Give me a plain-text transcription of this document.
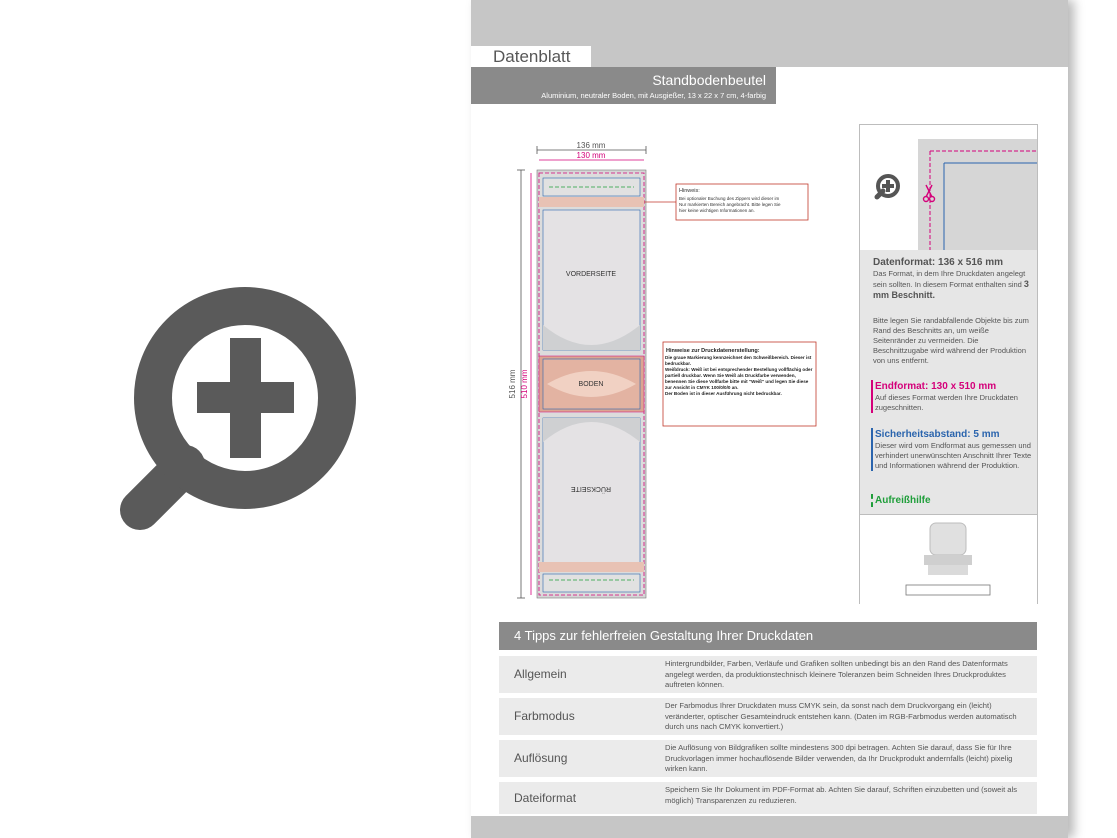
Datenblatt
Standbodenbeutel
Aluminium, neutraler Boden, mit Ausgießer, 13 x 22 x 7 cm, 4-farbig
136 mm
130 mm
516 mm 510 mm
VORDERSEITE
BODEN
RÜCKSEITE
Hinweis:
Bei optionaler Buchung des Zippers wird dieser im
Nur markierten Bereich angebracht. Bitte legen Sie
hier keine wichtigen Informationen an.
Hinweise zur Druckdatenerstellung:
Die graue Markierung kennzeichnet den Schweißbereich. Dieser ist bedruckbar.
Weißdruck: Weiß ist bei entsprechender Bestellung vollflächig oder partiell druckbar. Wenn Sie Weiß als Druckfarbe verwenden, benennen Sie diese Vollfarbe bitte mit "Weiß" und legen Sie diese zur Ansicht in CMYK 100/0/0/0 an.
Der Boden ist in dieser Ausführung nicht bedruckbar.
Datenformat: 136 x 516 mm
Das Format, in dem Ihre Druckdaten angelegt sein sollten. In diesem Format enthalten sind 3 mm Beschnitt.
Bitte legen Sie randabfallende Objekte bis zum Rand des Beschnitts an, um weiße Seitenränder zu vermeiden. Die Beschnittzugabe wird während der Produktion von uns entfernt.
Endformat: 130 x 510 mm
Auf dieses Format werden Ihre Druckdaten zugeschnitten.
Sicherheitsabstand: 5 mm
Dieser wird vom Endformat aus gemessen und verhindert unerwünschten Anschnitt Ihrer Texte und Informationen während der Produktion.
Aufreißhilfe
4 Tipps zur fehlerfreien Gestaltung Ihrer Druckdaten
Allgemein
Hintergrundbilder, Farben, Verläufe und Grafiken sollten unbedingt bis an den Rand des Datenformats angelegt werden, da produktionstechnisch kleinere Toleranzen beim Schneiden Ihres Druckproduktes auftreten können.
Farbmodus
Der Farbmodus Ihrer Druckdaten muss CMYK sein, da sonst nach dem Druckvorgang ein (leicht) veränderter, optischer Gesamteindruck entstehen kann. (Daten im RGB-Farbmodus werden automatisch durch uns nach CMYK konvertiert.)
Auflösung
Die Auflösung von Bildgrafiken sollte mindestens 300 dpi betragen. Achten Sie darauf, dass Sie für Ihre Druckvorlagen immer hochauflösende Bilder verwenden, da Ihr Druckprodukt andernfalls (leicht) pixelig wirken kann.
Dateiformat
Speichern Sie Ihr Dokument im PDF-Format ab. Achten Sie darauf, Schriften einzubetten und (soweit als möglich) Transparenzen zu reduzieren.
